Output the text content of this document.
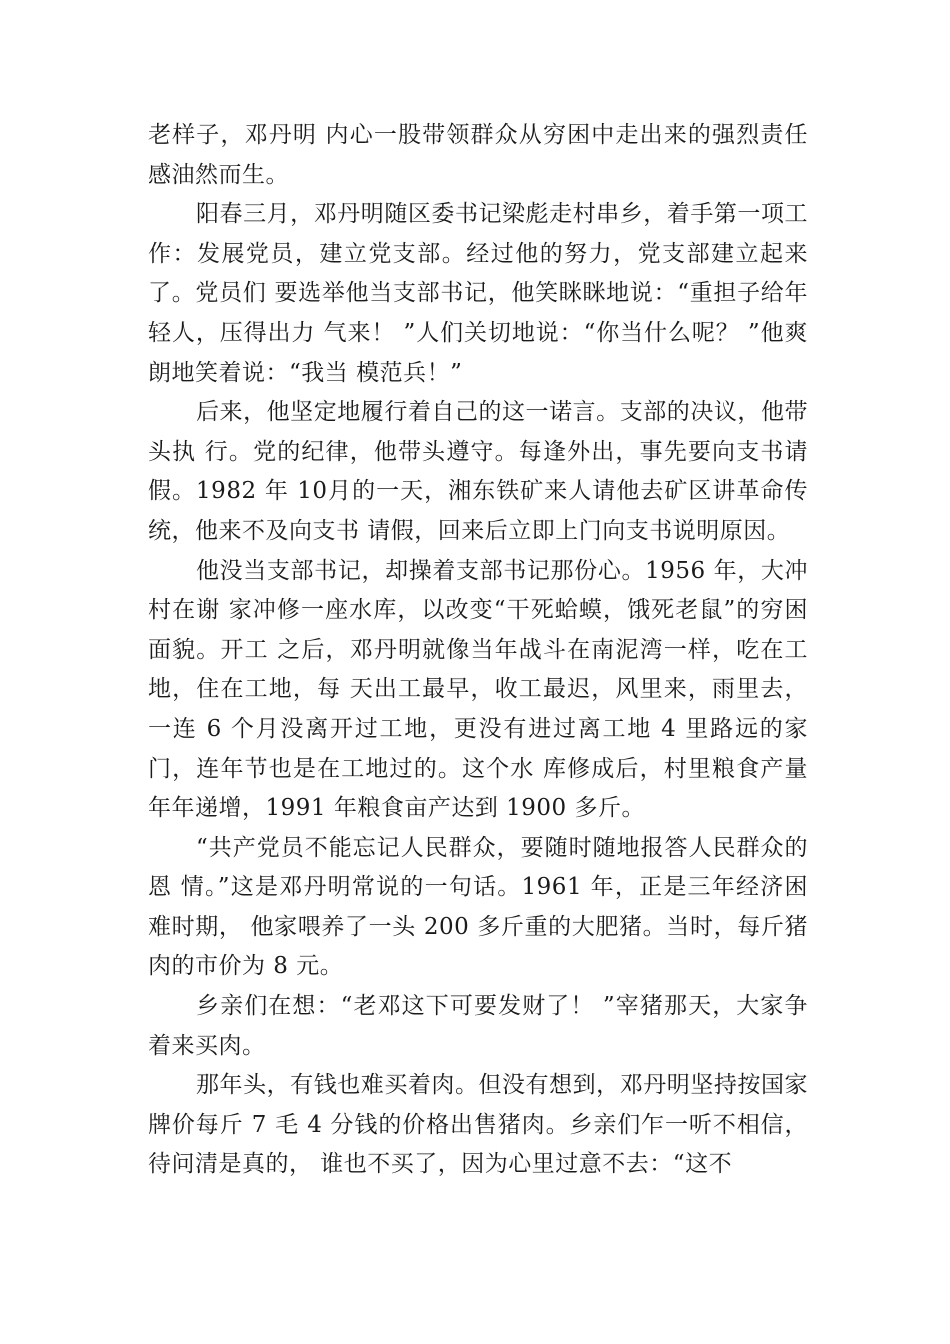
老样子，邓丹明 内心一股带领群众从穷困中走出来的强烈责任感油然而生。

阳春三月，邓丹明随区委书记梁彪走村串乡，着手第一项工作：发展党员，建立党支部。经过他的努力，党支部建立起来了。党员们 要选举他当支部书记，他笑眯眯地说：“重担子给年轻人，压得出力 气来！ ”人们关切地说：“你当什么呢？ ”他爽朗地笑着说：“我当 模范兵！”

后来，他坚定地履行着自己的这一诺言。支部的决议，他带头执 行。党的纪律，他带头遵守。每逢外出，事先要向支书请假。1982 年 10月的一天，湘东铁矿来人请他去矿区讲革命传统，他来不及向支书 请假，回来后立即上门向支书说明原因。

他没当支部书记，却操着支部书记那份心。1956 年，大冲村在谢 家冲修一座水库，以改变“干死蛤蟆，饿死老鼠”的穷困面貌。开工 之后，邓丹明就像当年战斗在南泥湾一样，吃在工地，住在工地，每 天出工最早，收工最迟，风里来，雨里去，一连 6 个月没离开过工地，更没有进过离工地 4 里路远的家门，连年节也是在工地过的。这个水 库修成后，村里粮食产量年年递增，1991 年粮食亩产达到 1900 多斤。

“共产党员不能忘记人民群众，要随时随地报答人民群众的恩 情。”这是邓丹明常说的一句话。1961 年，正是三年经济困难时期， 他家喂养了一头 200 多斤重的大肥猪。当时，每斤猪肉的市价为 8 元。

乡亲们在想：“老邓这下可要发财了！ ”宰猪那天，大家争着来买肉。

那年头，有钱也难买着肉。但没有想到，邓丹明坚持按国家牌价每斤 7 毛 4 分钱的价格出售猪肉。乡亲们乍一听不相信，待问清是真的， 谁也不买了，因为心里过意不去：“这不
